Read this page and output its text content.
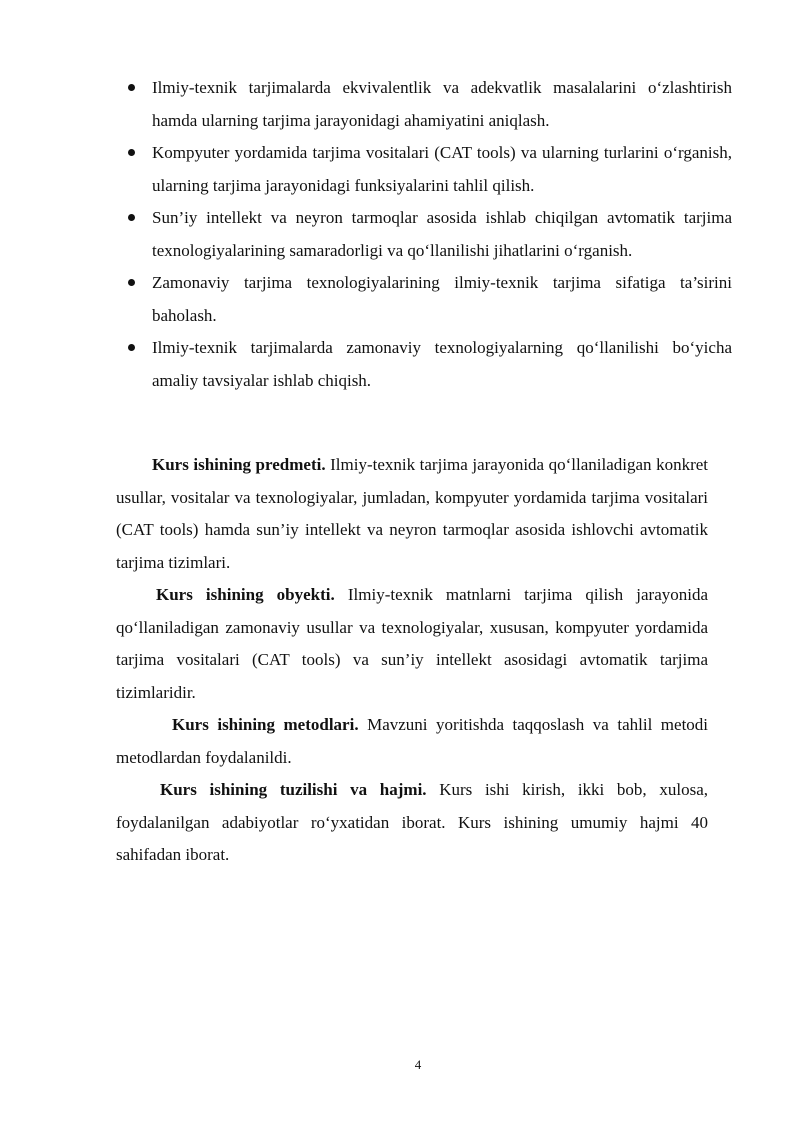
Ilmiy-texnik tarjimalarda ekvivalentlik va adekvatlik masalalarini o‘zlashtirish hamda ularning tarjima jarayonidagi ahamiyatini aniqlash.
Kompyuter yordamida tarjima vositalari (CAT tools) va ularning turlarini o‘rganish, ularning tarjima jarayonidagi funksiyalarini tahlil qilish.
Sun’iy intellekt va neyron tarmoqlar asosida ishlab chiqilgan avtomatik tarjima texnologiyalarining samaradorligi va qo‘llanilishi jihatlarini o‘rganish.
Zamonaviy tarjima texnologiyalarining ilmiy-texnik tarjima sifatiga ta’sirini baholash.
Ilmiy-texnik tarjimalarda zamonaviy texnologiyalarning qo‘llanilishi bo‘yicha amaliy tavsiyalar ishlab chiqish.

Kurs ishining predmeti. Ilmiy-texnik tarjima jarayonida qo‘llaniladigan konkret usullar, vositalar va texnologiyalar, jumladan, kompyuter yordamida tarjima vositalari (CAT tools) hamda sun’iy intellekt va neyron tarmoqlar asosida ishlovchi avtomatik tarjima tizimlari.

Kurs ishining obyekti. Ilmiy-texnik matnlarni tarjima qilish jarayonida qo‘llaniladigan zamonaviy usullar va texnologiyalar, xususan, kompyuter yordamida tarjima vositalari (CAT tools) va sun’iy intellekt asosidagi avtomatik tarjima tizimlaridir.

Kurs ishining metodlari. Mavzuni yoritishda taqqoslash va tahlil metodi metodlardan foydalanildi.

Kurs ishining tuzilishi va hajmi. Kurs ishi kirish, ikki bob, xulosa, foydalanilgan adabiyotlar ro‘yxatidan iborat. Kurs ishining umumiy hajmi 40 sahifadan iborat.

4
